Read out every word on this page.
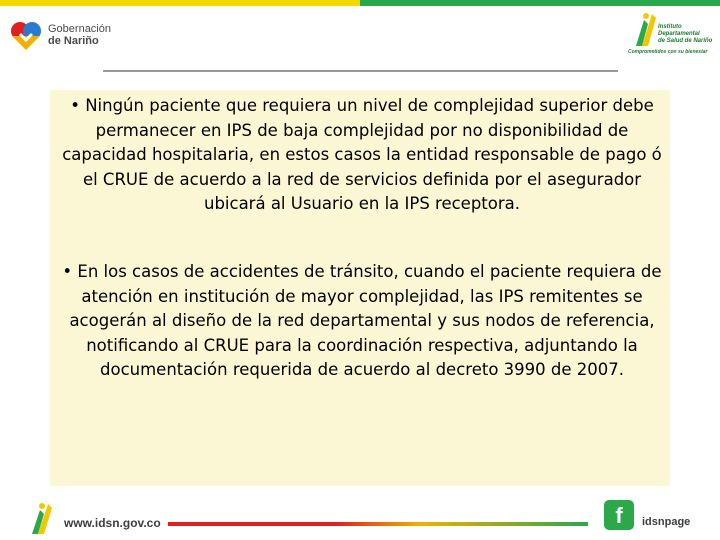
Gobernación
de Nariño
Instituto
Departamental
de Salud de Nariño
Comprometidos con su bienestar
• Ningún paciente que requiera un nivel de complejidad superior debe permanecer en IPS de baja complejidad por no disponibilidad de capacidad hospitalaria, en estos casos la entidad responsable de pago ó el CRUE de acuerdo a la red de servicios definida por el asegurador ubicará al Usuario en la IPS receptora.
• En los casos de accidentes de tránsito, cuando el paciente requiera de atención en institución de mayor complejidad, las IPS remitentes se acogerán al diseño de la red departamental y sus nodos de referencia, notificando al CRUE para la coordinación respectiva, adjuntando la documentación requerida de acuerdo al decreto 3990 de 2007.
www.idsn.gov.co	f	idsnpage
